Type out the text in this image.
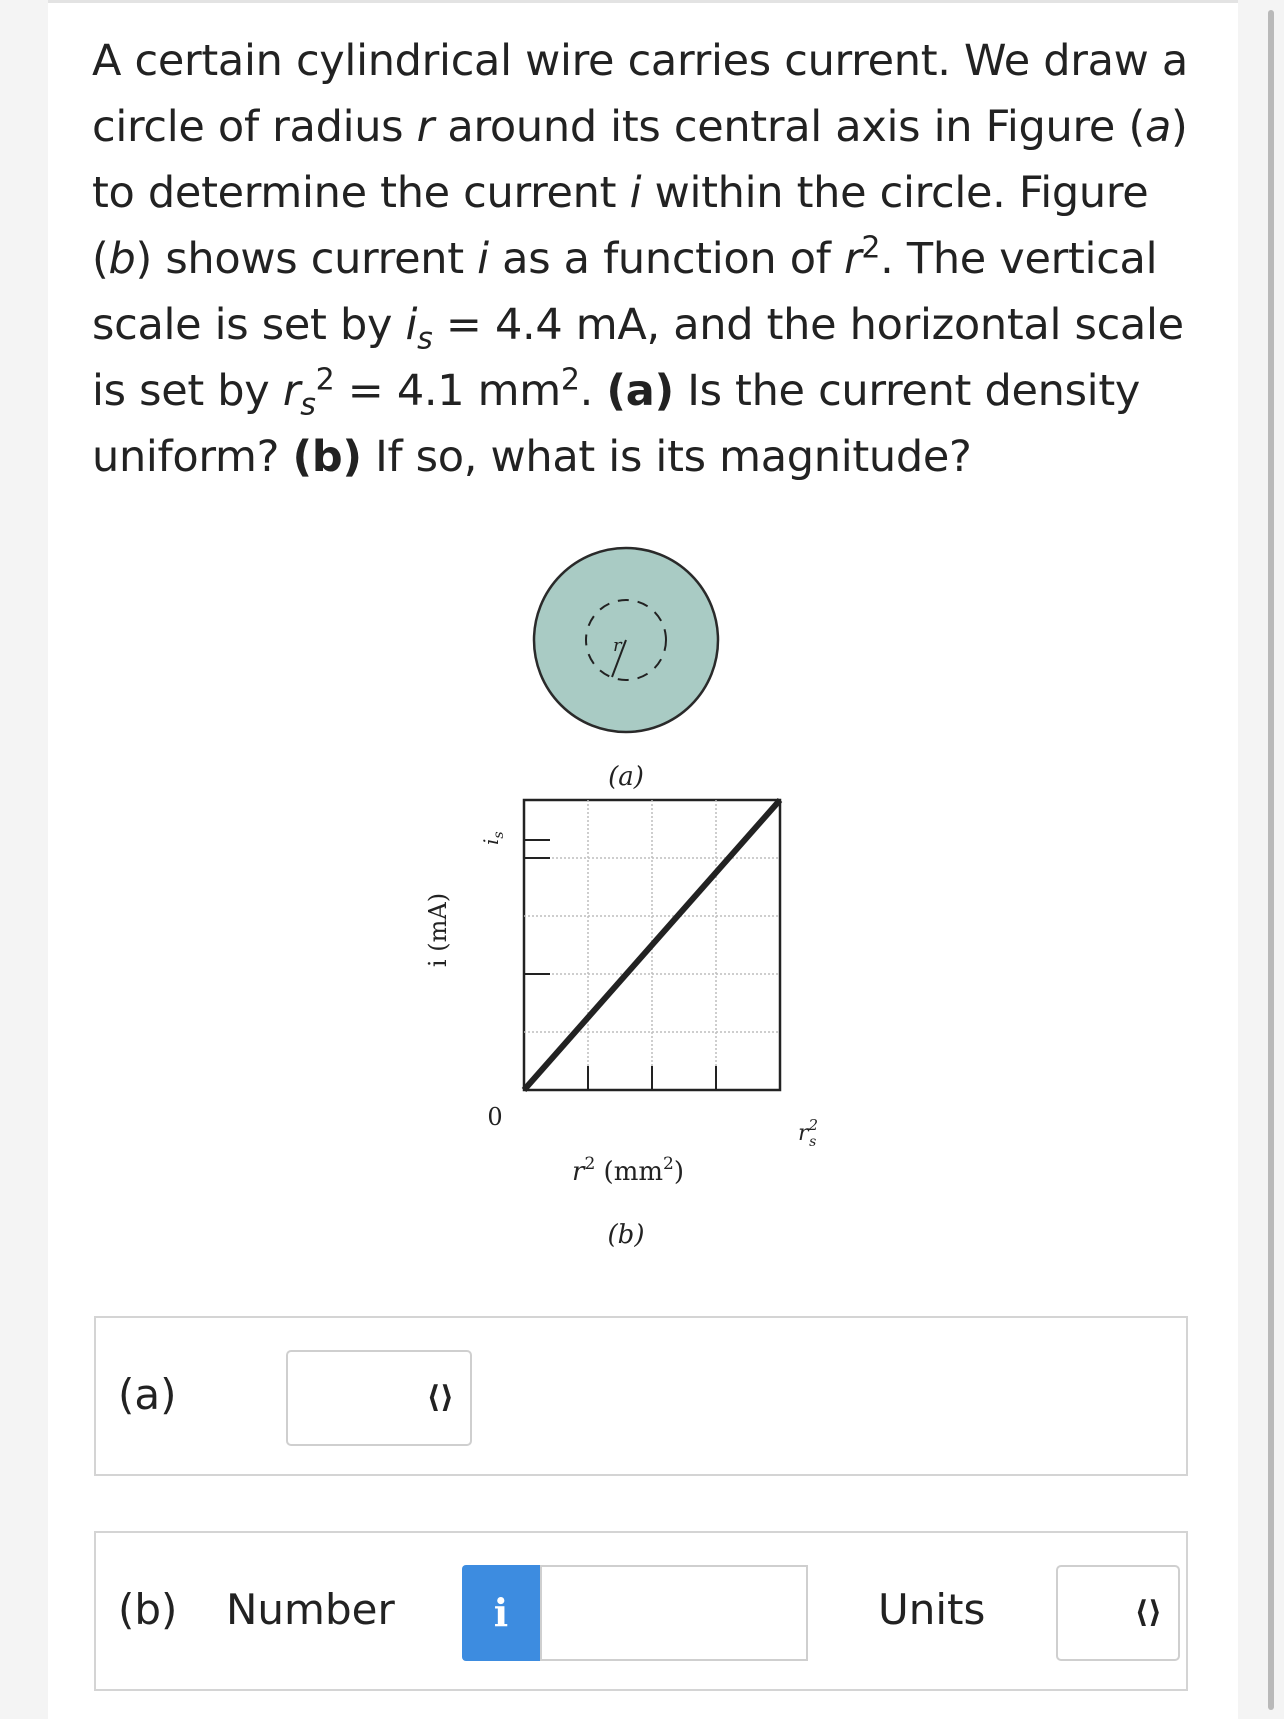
A certain cylindrical wire carries current. We draw a circle of radius r around its central axis in Figure (a) to determine the current i within the circle. Figure (b) shows current i as a function of $r^2$. The vertical scale is set by $i_s = 4.4$ mA, and the horizontal scale is set by $r_s^2 = 4.1$ $mm^2$. (a) Is the current density uniform? (b) If so, what is its magnitude?
r
(a)
i (mA)
$i_s$
0
$r^2$ s
$r^2$ $(mm^2)$
(b)
(a)	⟨⟩
(b) Number	i	Units	⟨⟩
